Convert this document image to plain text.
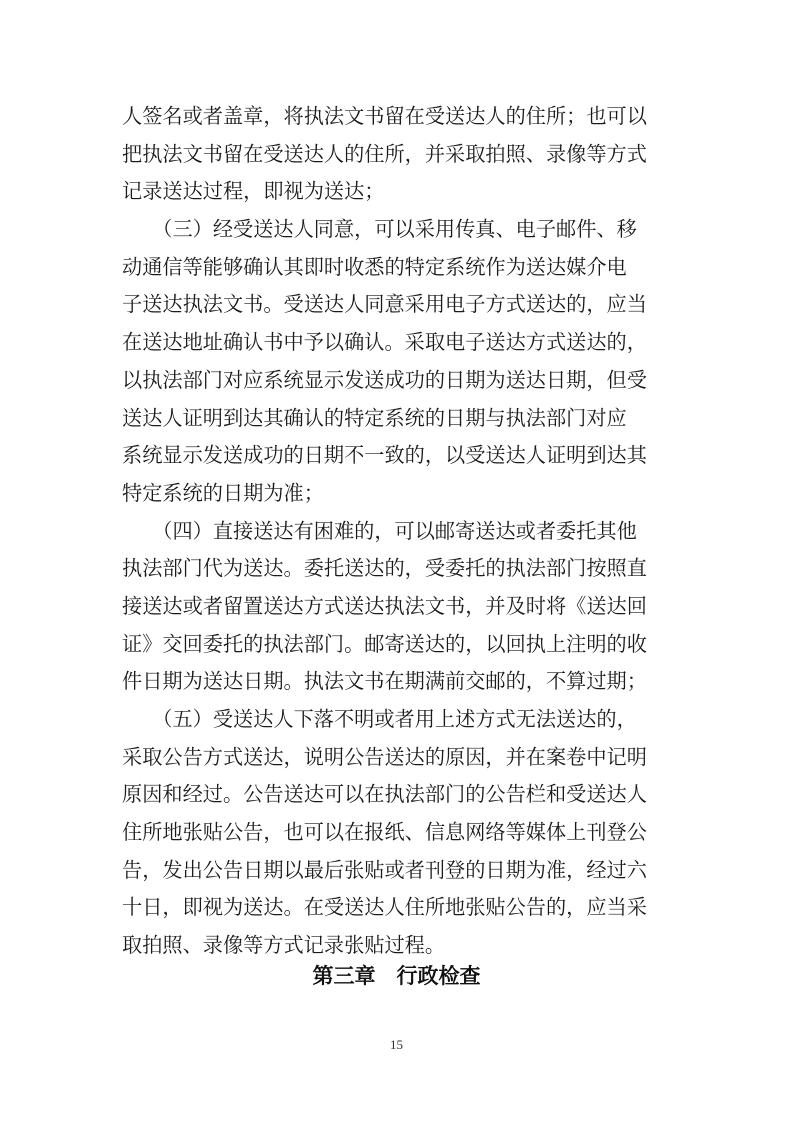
人签名或者盖章，将执法文书留在受送达人的住所；也可以
把执法文书留在受送达人的住所，并采取拍照、录像等方式
记录送达过程，即视为送达；
　　（三）经受送达人同意，可以采用传真、电子邮件、移
动通信等能够确认其即时收悉的特定系统作为送达媒介电
子送达执法文书。受送达人同意采用电子方式送达的，应当
在送达地址确认书中予以确认。采取电子送达方式送达的，
以执法部门对应系统显示发送成功的日期为送达日期，但受
送达人证明到达其确认的特定系统的日期与执法部门对应
系统显示发送成功的日期不一致的，以受送达人证明到达其
特定系统的日期为准；
　　（四）直接送达有困难的，可以邮寄送达或者委托其他
执法部门代为送达。委托送达的，受委托的执法部门按照直
接送达或者留置送达方式送达执法文书，并及时将《送达回
证》交回委托的执法部门。邮寄送达的，以回执上注明的收
件日期为送达日期。执法文书在期满前交邮的，不算过期；
　　（五）受送达人下落不明或者用上述方式无法送达的，
采取公告方式送达，说明公告送达的原因，并在案卷中记明
原因和经过。公告送达可以在执法部门的公告栏和受送达人
住所地张贴公告，也可以在报纸、信息网络等媒体上刊登公
告，发出公告日期以最后张贴或者刊登的日期为准，经过六
十日，即视为送达。在受送达人住所地张贴公告的，应当采
取拍照、录像等方式记录张贴过程。
第三章　行政检查
15
